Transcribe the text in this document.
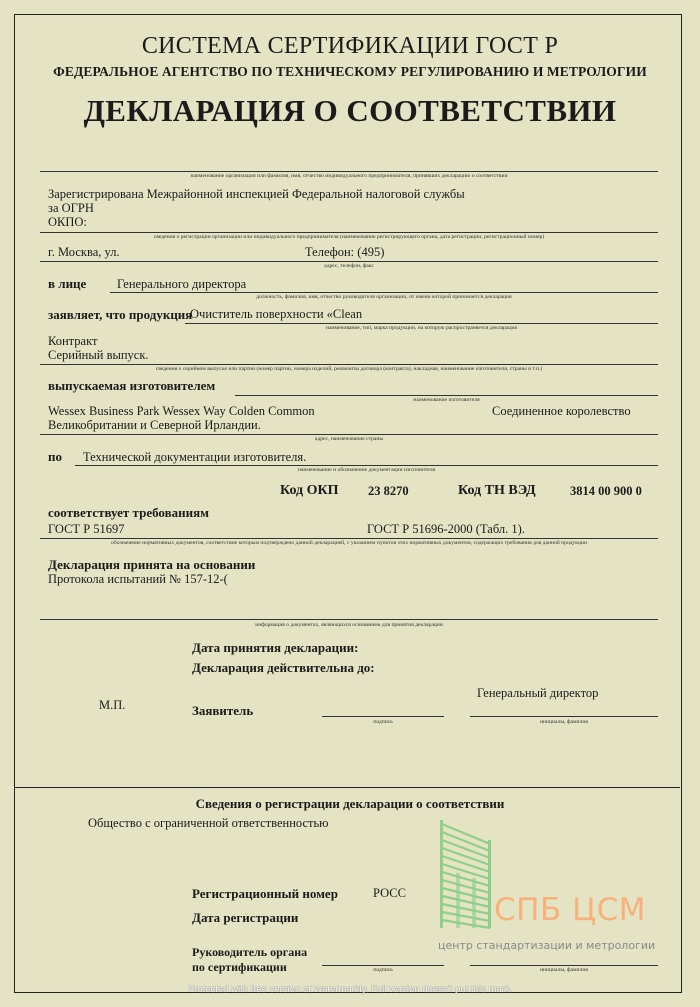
СИСТЕМА СЕРТИФИКАЦИИ ГОСТ Р
ФЕДЕРАЛЬНОЕ АГЕНТСТВО ПО ТЕХНИЧЕСКОМУ РЕГУЛИРОВАНИЮ И МЕТРОЛОГИИ
ДЕКЛАРАЦИЯ О СООТВЕТСТВИИ
наименование организации или фамилия, имя, отчество индивидуального предпринимателя, принявших декларацию о соответствии
Зарегистрирована Межрайонной инспекцией Федеральной налоговой службы
за ОГРН
ОКПО:
сведения о регистрации организации или индивидуального предпринимателя (наименование регистрирующего органа, дата регистрации, регистрационный номер)
г. Москва, ул.	Телефон: (495)
адрес, телефон, факс
в лице Генерального директора
должность, фамилия, имя, отчество руководителя организации, от имени которой принимается декларация
заявляет, что продукция
Очиститель поверхности «Clean
наименование, тип, марка продукции, на которую распространяется декларация
Контракт
Серийный выпуск.
сведения о серийном выпуске или партии (номер партии, номера изделий, реквизиты договора (контракта), накладная, наименование изготовителя, страны и т.п.)
выпускаемая изготовителем
наименование изготовителя
Wessex Business Park Wessex Way Colden Common	Соединенное королевство
Великобритании и Северной Ирландии.
адрес, наименование страны
по Технической документации изготовителя.
наименование и обозначение документации изготовителя
Код ОКП 23 8270	Код ТН ВЭД	3814 00 900 0
соответствует требованиям
ГОСТ Р 51697	ГОСТ Р 51696-2000 (Табл. 1).
обозначение нормативных документов, соответствие которым подтверждено данной декларацией, с указанием пунктов этих нормативных документов, содержащих требования для данной продукции
Декларация принята на основании
Протокола испытаний № 157-12-(
информация о документах, являющихся основанием для принятия декларации
Дата принятия декларации:
Декларация действительна до:
М.П.	Заявитель
Генеральный директор
подпись	инициалы, фамилия
Сведения о регистрации декларации о соответствии
Общество с ограниченной ответственностью
СПБ ЦСМ
центр стандартизации и метрологии
Регистрационный номер	РОСС
Дата регистрации
Руководитель органа
по сертификации	подпись	инициалы, фамилия
Protected with free version of Watermarkly. Full version doesn't put this mark.
